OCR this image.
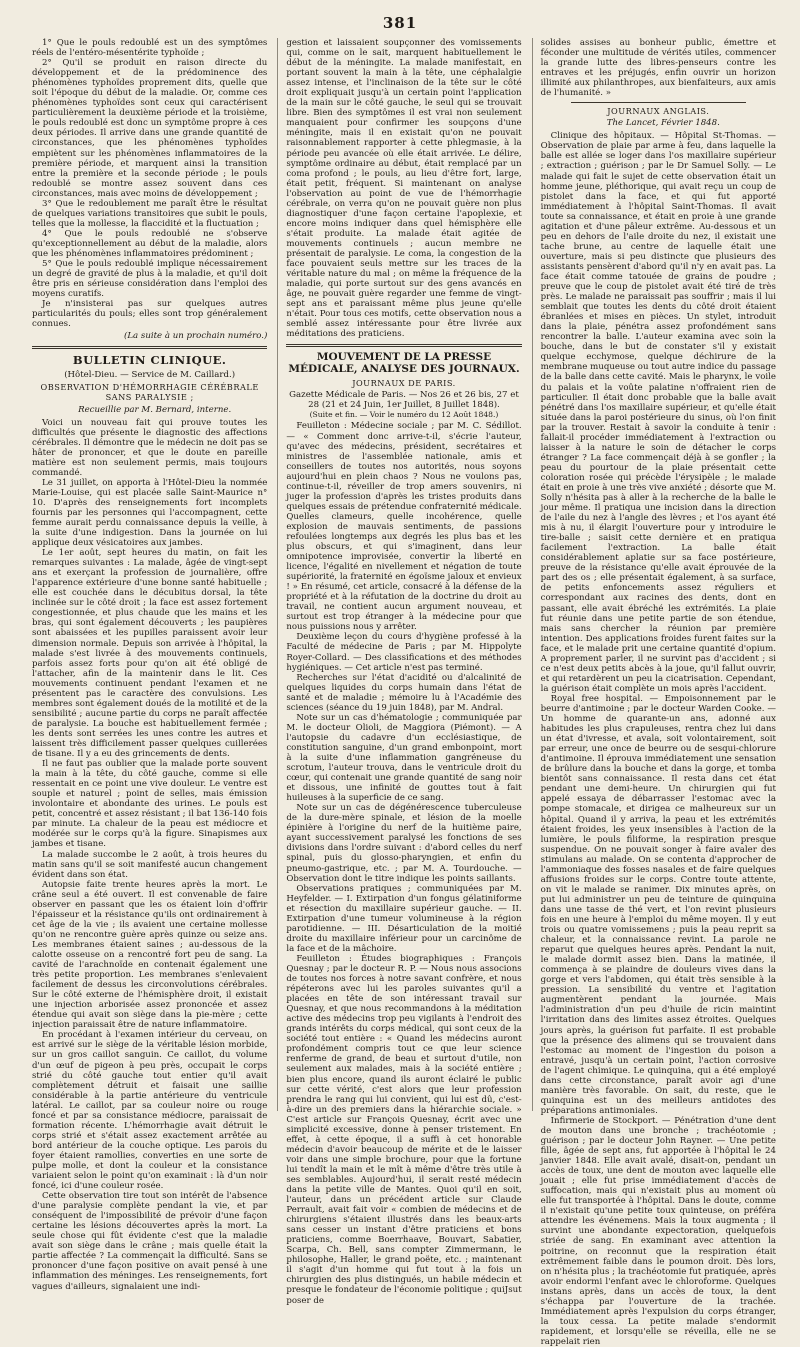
381

1° Que le pouls redoublé est un des symptômes réels de l'entéro-mésentérite typhoïde ;

2° Qu'il se produit en raison directe du développement et de la prédominence des phénomènes typhoïdes proprement dits, quelle que soit l'époque du début de la maladie. Or, comme ces phénomènes typhoïdes sont ceux qui caractérisent particulièrement la deuxième période et la troisième, le pouls redoublé est donc un symptôme propre à ces deux périodes. Il arrive dans une grande quantité de circonstances, que les phénomènes typhoïdes empiètent sur les phénomènes inflammatoires de la première période, et marquent ainsi la transition entre la première et la seconde période ; le pouls redoublé se montre assez souvent dans ces circonstances, mais avec moins de développement ;

3° Que le redoublement me paraît être le résultat de quelques variations transitoires que subit le pouls, telles que la mollesse, la flaccidité et la fluctuation ;

4° Que le pouls redoublé ne s'observe qu'exceptionnellement au début de la maladie, alors que les phénomènes inflammatoires prédominent ;

5° Que le pouls redoublé implique nécessairement un degré de gravité de plus à la maladie, et qu'il doit être pris en sérieuse considération dans l'emploi des moyens curatifs.

Je n'insisterai pas sur quelques autres particularités du pouls; elles sont trop généralement connues.

(La suite à un prochain numéro.)

BULLETIN CLINIQUE.

(Hôtel-Dieu. — Service de M. Caillard.)

OBSERVATION D'HÉMORRHAGIE CÉRÉBRALE SANS PARALYSIE ;

Recueillie par M. Bernard, interne.

Voici un nouveau fait qui prouve toutes les difficultés que présente le diagnostic des affections cérébrales. Il démontre que le médecin ne doit pas se hâter de prononcer, et que le doute en pareille matière est non seulement permis, mais toujours commandé.

Le 31 juillet, on apporta à l'Hôtel-Dieu la nommée Marie-Louise, qui est placée salle Saint-Maurice n° 10. D'après des renseignements fort incomplets fournis par les personnes qui l'accompagnent, cette femme aurait perdu connaissance depuis la veille, à la suite d'une indigestion. Dans la journée on lui applique deux vésicatoires aux jambes.

Le 1er août, sept heures du matin, on fait les remarques suivantes : La malade, âgée de vingt-sept ans et exerçant la profession de journalière, offre l'apparence extérieure d'une bonne santé habituelle ; elle est couchée dans le décubitus dorsal, la tête inclinée sur le côté droit ; la face est assez fortement congestionnée, et plus chaude que les mains et les bras, qui sont également découverts ; les paupières sont abaissées et les pupilles paraissent avoir leur dimension normale. Depuis son arrivée à l'hôpital, la malade s'est livrée à des mouvements continuels, parfois assez forts pour qu'on ait été obligé de l'attacher, afin de la maintenir dans le lit. Ces mouvements continuent pendant l'examen et ne présentent pas le caractère des convulsions. Les membres sont également doués de la motilité et de la sensibilité ; aucune partie du corps ne paraît affectée de paralysie. La bouche est habituellement fermée ; les dents sont serrées les unes contre les autres et laissent très difficilement passer quelques cuillerées de tisane. Il y a eu des grincements de dents.

Il ne faut pas oublier que la malade porte souvent la main à la tête, du côté gauche, comme si elle ressentait en ce point une vive douleur. Le ventre est souple et naturel ; point de selles, mais émission involontaire et abondante des urines. Le pouls est petit, concentré et assez résistant ; il bat 136-140 fois par minute. La chaleur de la peau est médiocre et modérée sur le corps qu'à la figure. Sinapismes aux jambes et tisane.

La malade succombe le 2 août, à trois heures du matin sans qu'il se soit manifesté aucun changement évident dans son état.

Autopsie faite trente heures après la mort. Le crâne seul a été ouvert. Il est convenable de faire observer en passant que les os étaient loin d'offrir l'épaisseur et la résistance qu'ils ont ordinairement à cet âge de la vie ; ils avaient une certaine mollesse qu'on ne rencontre guère après quinze ou seize ans. Les membranes étaient saines ; au-dessous de la calotte osseuse on a rencontré fort peu de sang. La cavité de l'arachnoïde en contenait également une très petite proportion. Les membranes s'enlevaient facilement de dessus les circonvolutions cérébrales. Sur le côté externe de l'hémisphère droit, il existait une injection arborisée assez prononcée et assez étendue qui avait son siège dans la pie-mère ; cette injection paraissait être de nature inflammatoire.

En procédant à l'examen intérieur du cerveau, on est arrivé sur le siège de la véritable lésion morbide, sur un gros caillot sanguin. Ce caillot, du volume d'un œuf de pigeon à peu près, occupait le corps strié du côté gauche tout entier qu'il avait complètement détruit et faisait une saillie considérable à la partie antérieure du ventricule latéral. Le caillot, par sa couleur noire ou rouge foncé et par sa consistance médiocre, paraissait de formation récente. L'hémorrhagie avait détruit le corps strié et s'était assez exactement arrêtée au bord antérieur de la couche optique. Les parois du foyer étaient ramollies, converties en une sorte de pulpe molle, et dont la couleur et la consistance variaient selon le point qu'on examinait : là d'un noir foncé, ici d'une couleur rosée.

Cette observation tire tout son intérêt de l'absence d'une paralysie complète pendant la vie, et par conséquent de l'impossibilité de prévoir d'une façon certaine les lésions découvertes après la mort. La seule chose qui fût évidente c'est que la maladie avait son siège dans le crâne ; mais quelle était la partie affectée ? La commençait la difficulté. Sans se prononcer d'une façon positive on avait pensé à une inflammation des méninges. Les renseignements, fort vagues d'ailleurs, signalaient une indi-

gestion et laissaient soupçonner des vomissements qui, comme on le sait, marquent habituellement le début de la méningite. La malade manifestait, en portant souvent la main à la tête, une céphalalgie assez intense, et l'inclinaison de la tête sur le côté droit expliquait jusqu'à un certain point l'application de la main sur le côté gauche, le seul qui se trouvait libre. Bien des symptômes il est vrai non seulement manquaient pour confirmer les soupçons d'une méningite, mais il en existait qu'on ne pouvait raisonnablement rapporter à cette phlegmasie, à la période peu avancée où elle était arrivée. Le délire, symptôme ordinaire au début, était remplacé par un coma profond ; le pouls, au lieu d'être fort, large, était petit, fréquent. Si maintenant on analyse l'observation au point de vue de l'hémorrhagie cérébrale, on verra qu'on ne pouvait guère non plus diagnostiquer d'une façon certaine l'apoplexie, et encore moins indiquer dans quel hémisphère elle s'était produite. La malade était agitée de mouvements continuels ; aucun membre ne présentait de paralysie. Le coma, la congestion de la face pouvaient seuls mettre sur les traces de la véritable nature du mal ; on même la fréquence de la maladie, qui porte surtout sur des gens avancés en âge, ne pouvait guère regarder une femme de vingt-sept ans et paraissant même plus jeune qu'elle n'était. Pour tous ces motifs, cette observation nous a semblé assez intéressante pour être livrée aux méditations des praticiens.

MOUVEMENT DE LA PRESSE MÉDICALE, ANALYSE DES JOURNAUX.

JOURNAUX DE PARIS.

Gazette Médicale de Paris. — Nos 26 et 26 bis, 27 et 28 (21 et 24 Juin, 1er Juillet, 8 Juillet 1848).

(Suite et fin. — Voir le numéro du 12 Août 1848.)

Feuilleton : Médecine sociale ; par M. C. Sédillot. — « Comment donc arrive-t-il, s'écrie l'auteur, qu'avec des médecins, président, secrétaires et ministres de l'assemblée nationale, amis et conseillers de toutes nos autorités, nous soyons aujourd'hui en plein chaos ? Nous ne voulons pas, continue-t-il, réveiller de trop amers souvenirs, ni juger la profession d'après les tristes produits dans quelques essais de prétendue confraternité médicale. Quelles clameurs, quelle incohérence, quelle explosion de mauvais sentiments, de passions refoulées longtemps aux degrés les plus bas et les plus obscurs, et qui s'imaginent, dans leur omnipotence improvisée, convertir la liberté en licence, l'égalité en nivellement et négation de toute supériorité, la fraternité en égoïsme jaloux et envieux ! » En résumé, cet article, consacré à la défense de la propriété et à la réfutation de la doctrine du droit au travail, ne contient aucun argument nouveau, et surtout est trop étranger à la médecine pour que nous puissions nous y arrêter.

Deuxième leçon du cours d'hygiène professé à la Faculté de médecine de Paris ; par M. Hippolyte Royer-Collard. — Des classifications et des méthodes hygiéniques. — Cet article n'est pas terminé.

Recherches sur l'état d'acidité ou d'alcalinité de quelques liquides du corps humain dans l'état de santé et de maladie ; mémoire lu à l'Académie des sciences (séance du 19 juin 1848), par M. Andral.

Note sur un cas d'hématologie ; communiquée par M. le docteur Olioli, de Maggiora (Piémont). — A l'autopsie du cadavre d'un ecclésiastique, de constitution sanguine, d'un grand embonpoint, mort à la suite d'une inflammation gangréneuse du scrotum, l'auteur trouva, dans le ventricule droit du cœur, qui contenait une grande quantité de sang noir et dissous, une infinité de gouttes tout à fait huileuses à la superficie de ce sang.

Note sur un cas de dégénérescence tuberculeuse de la dure-mère spinale, et lésion de la moelle épinière à l'origine du nerf de la huitième paire, ayant successivement paralysé les fonctions de ses divisions dans l'ordre suivant : d'abord celles du nerf spinal, puis du glosso-pharyngien, et enfin du pneumo-gastrique, etc. ; par M. A. Tourdouche. — Observation dont le titre indique les points saillants.

Observations pratiques ; communiquées par M. Heyfelder. — I. Extirpation d'un fongus gélatiniforme et résection du maxillaire supérieur gauche. — II. Extirpation d'une tumeur volumineuse à la région parotidienne. — III. Désarticulation de la moitié droite du maxillaire inférieur pour un carcinôme de la face et de la mâchoire.

Feuilleton : Études biographiques : François Quesnay ; par le docteur R. P. — Nous nous associons de toutes nos forces à notre savant confrère, et nous répéterons avec lui les paroles suivantes qu'il a placées en tête de son intéressant travail sur Quesnay, et que nous recommandons à la méditation active des médecins trop peu vigilants à l'endroit des grands intérêts du corps médical, qui sont ceux de la société tout entière : « Quand les médecins auront profondément compris tout ce que leur science renferme de grand, de beau et surtout d'utile, non seulement aux malades, mais à la société entière ; bien plus encore, quand ils auront éclairé le public sur cette vérité, c'est alors que leur profession prendra le rang qui lui convient, qui lui est dû, c'est-à-dire un des premiers dans la hiérarchie sociale. » C'est article sur François Quesnay, écrit avec une simplicité excessive, donne à penser tristement. En effet, à cette époque, il a suffi à cet honorable médecin d'avoir beaucoup de mérite et de le laisser voir dans une simple brochure, pour que la fortune lui tendît la main et le mît à même d'être très utile à ses semblables. Aujourd'hui, il serait resté médecin dans la petite ville de Mantes. Quoi qu'il en soit, l'auteur, dans un précédent article sur Claude Perrault, avait fait voir « combien de médecins et de chirurgiens s'étaient illustrés dans les beaux-arts sans cesser un instant d'être praticiens et bons praticiens, comme Boerrhaave, Bouvart, Sabatier, Scarpa, Ch. Bell, sans compter Zimmermann, le philosophe, Haller, le grand poëte, etc. ; maintenant il s'agit d'un homme qui fut tout à la fois un chirurgien des plus distingués, un habile médecin et presque le fondateur de l'économie politique ; quiJsut poser de

solides assises au bonheur public, émettre et féconder une multitude de vérités utiles, commencer la grande lutte des libres-penseurs contre les entraves et les préjugés, enfin ouvrir un horizon illimité aux philanthropes, aux bienfaiteurs, aux amis de l'humanité. »

JOURNAUX ANGLAIS.

The Lancet, Février 1848.

Clinique des hôpitaux. — Hôpital St-Thomas. — Observation de plaie par arme à feu, dans laquelle la balle est allée se loger dans l'os maxillaire supérieur ; extraction ; guérison ; par le Dr Samuel Solly. — Le malade qui fait le sujet de cette observation était un homme jeune, pléthorique, qui avait reçu un coup de pistolet dans la face, et qui fut apporté immédiatement à l'hôpital Saint-Thomas. Il avait toute sa connaissance, et était en proie à une grande agitation et d'une pâleur extrême. Au-dessous et un peu en dehors de l'aile droite du nez, il existait une tache brune, au centre de laquelle était une ouverture, mais si peu distincte que plusieurs des assistants pensèrent d'abord qu'il n'y en avait pas. La face était comme tatouée de grains de poudre ; preuve que le coup de pistolet avait été tiré de très près. Le malade ne paraissait pas souffrir ; mais il lui semblait que toutes les dents du côté droit étaient ébranlées et mises en pièces. Un stylet, introduit dans la plaie, pénétra assez profondément sans rencontrer la balle. L'auteur examina avec soin la bouche, dans le but de constater s'il y existait quelque ecchymose, quelque déchirure de la membrane muqueuse ou tout autre indice du passage de la balle dans cette cavité. Mais le pharynx, le voile du palais et la voûte palatine n'offraient rien de particulier. Il était donc probable que la balle avait pénétré dans l'os maxillaire supérieur, et qu'elle était située dans la paroi postérieure du sinus, où l'on finit par la trouver. Restait à savoir la conduite à tenir : fallait-il procéder immédiatement à l'extraction ou laisser à la nature le soin de détacher le corps étranger ? La face commençait déjà à se gonfler ; la peau du pourtour de la plaie présentait cette coloration rosée qui précède l'érysipèle ; le malade était en proie à une très vive anxiété ; désorte que M. Solly n'hésita pas à aller à la recherche de la balle le jour même. Il pratiqua une incision dans la direction de l'aile du nez à l'angle des lèvres ; et l'os ayant été mis à nu, il élargit l'ouverture pour y introduire le tire-balle ; saisit cette dernière et en pratiqua facilement l'extraction. La balle était considérablement aplatie sur sa face postérieure, preuve de la résistance qu'elle avait éprouvée de la part des os ; elle présentait également, à sa surface, de petits enfoncements assez réguliers et correspondant aux racines des dents, dont en passant, elle avait ébréché les extrémités. La plaie fut réunie dans une petite partie de son étendue, mais sans chercher la réunion par première intention. Des applications froides furent faites sur la face, et le malade prit une certaine quantité d'opium. A proprement parler, il ne survint pas d'accident ; si ce n'est deux petits abcès à la joue, qu'il fallut ouvrir, et qui retardèrent un peu la cicatrisation. Cependant, la guérison était complète un mois après l'accident.

Royal free hospital. — Empoisonnement par le beurre d'antimoine ; par le docteur Warden Cooke. — Un homme de quarante-un ans, adonné aux habitudes les plus crapuleuses, rentra chez lui dans un état d'ivresse, et avala, soit volontairement, soit par erreur, une once de beurre ou de sesqui-chlorure d'antimoine. Il éprouva immédiatement une sensation de brûlure dans la bouche et dans la gorge, et tomba bientôt sans connaissance. Il resta dans cet état pendant une demi-heure. Un chirurgien qui fut appelé essaya de débarrasser l'estomac avec la pompe stomacale, et dirigea ce malheureux sur un hôpital. Quand il y arriva, la peau et les extrémités étaient froides, les yeux insensibles à l'action de la lumière, le pouls filiforme, la respiration presque suspendue. On ne pouvait songer à faire avaler des stimulans au malade. On se contenta d'approcher de l'ammoniaque des fosses nasales et de faire quelques affusions froides sur le corps. Contre toute attente, on vit le malade se ranimer. Dix minutes après, on put lui administrer un peu de teinture de quinquina dans une tasse de thé vert, et l'on revint plusieurs fois en une heure à l'emploi du même moyen. Il y eut trois ou quatre vomissemens ; puis la peau reprit sa chaleur, et la connaissance revint. La parole ne reparut que quelques heures après. Pendant la nuit, le malade dormit assez bien. Dans la matinée, il commença à se plaindre de douleurs vives dans la gorge et vers l'abdomen, qui était très sensible à la pression. La sensibilité du ventre et l'agitation augmentèrent pendant la journée. Mais l'administration d'un peu d'huile de ricin maintint l'irritation dans des limites assez étroites. Quelques jours après, la guérison fut parfaite. Il est probable que la présence des alimens qui se trouvaient dans l'estomac au moment de l'ingestion du poison a entravé, jusqu'à un certain point, l'action corrosive de l'agent chimique. Le quinquina, qui a été employé dans cette circonstance, paraît avoir agi d'une manière très favorable. On sait, du reste, que le quinquina est un des meilleurs antidotes des préparations antimoniales.

Infirmerie de Stockport. — Pénétration d'une dent de mouton dans une bronche ; trachéotomie ; guérison ; par le docteur John Rayner. — Une petite fille, âgée de sept ans, fut apportée à l'hôpital le 24 janvier 1848. Elle avait avalé, disait-on, pendant un accès de toux, une dent de mouton avec laquelle elle jouait ; elle fut prise immédiatement d'accès de suffocation, mais qui n'existait plus au moment où elle fut transportée à l'hôpital. Dans le doute, comme il n'existait qu'une petite toux quinteuse, on préféra attendre les événemens. Mais la toux augmenta ; il survint une abondante expectoration, quelquefois striée de sang. En examinant avec attention la poitrine, on reconnut que la respiration était extrêmement faible dans le poumon droit. Dès lors, on n'hésita plus ; la trachéotomie fut pratiquée, après avoir endormi l'enfant avec le chloroforme. Quelques instans après, dans un accès de toux, la dent s'échappa par l'ouverture de la trachée. Immédiatement après l'expulsion du corps étranger, la toux cessa. La petite malade s'endormit rapidement, et lorsqu'elle se réveilla, elle ne se rappelait rien
